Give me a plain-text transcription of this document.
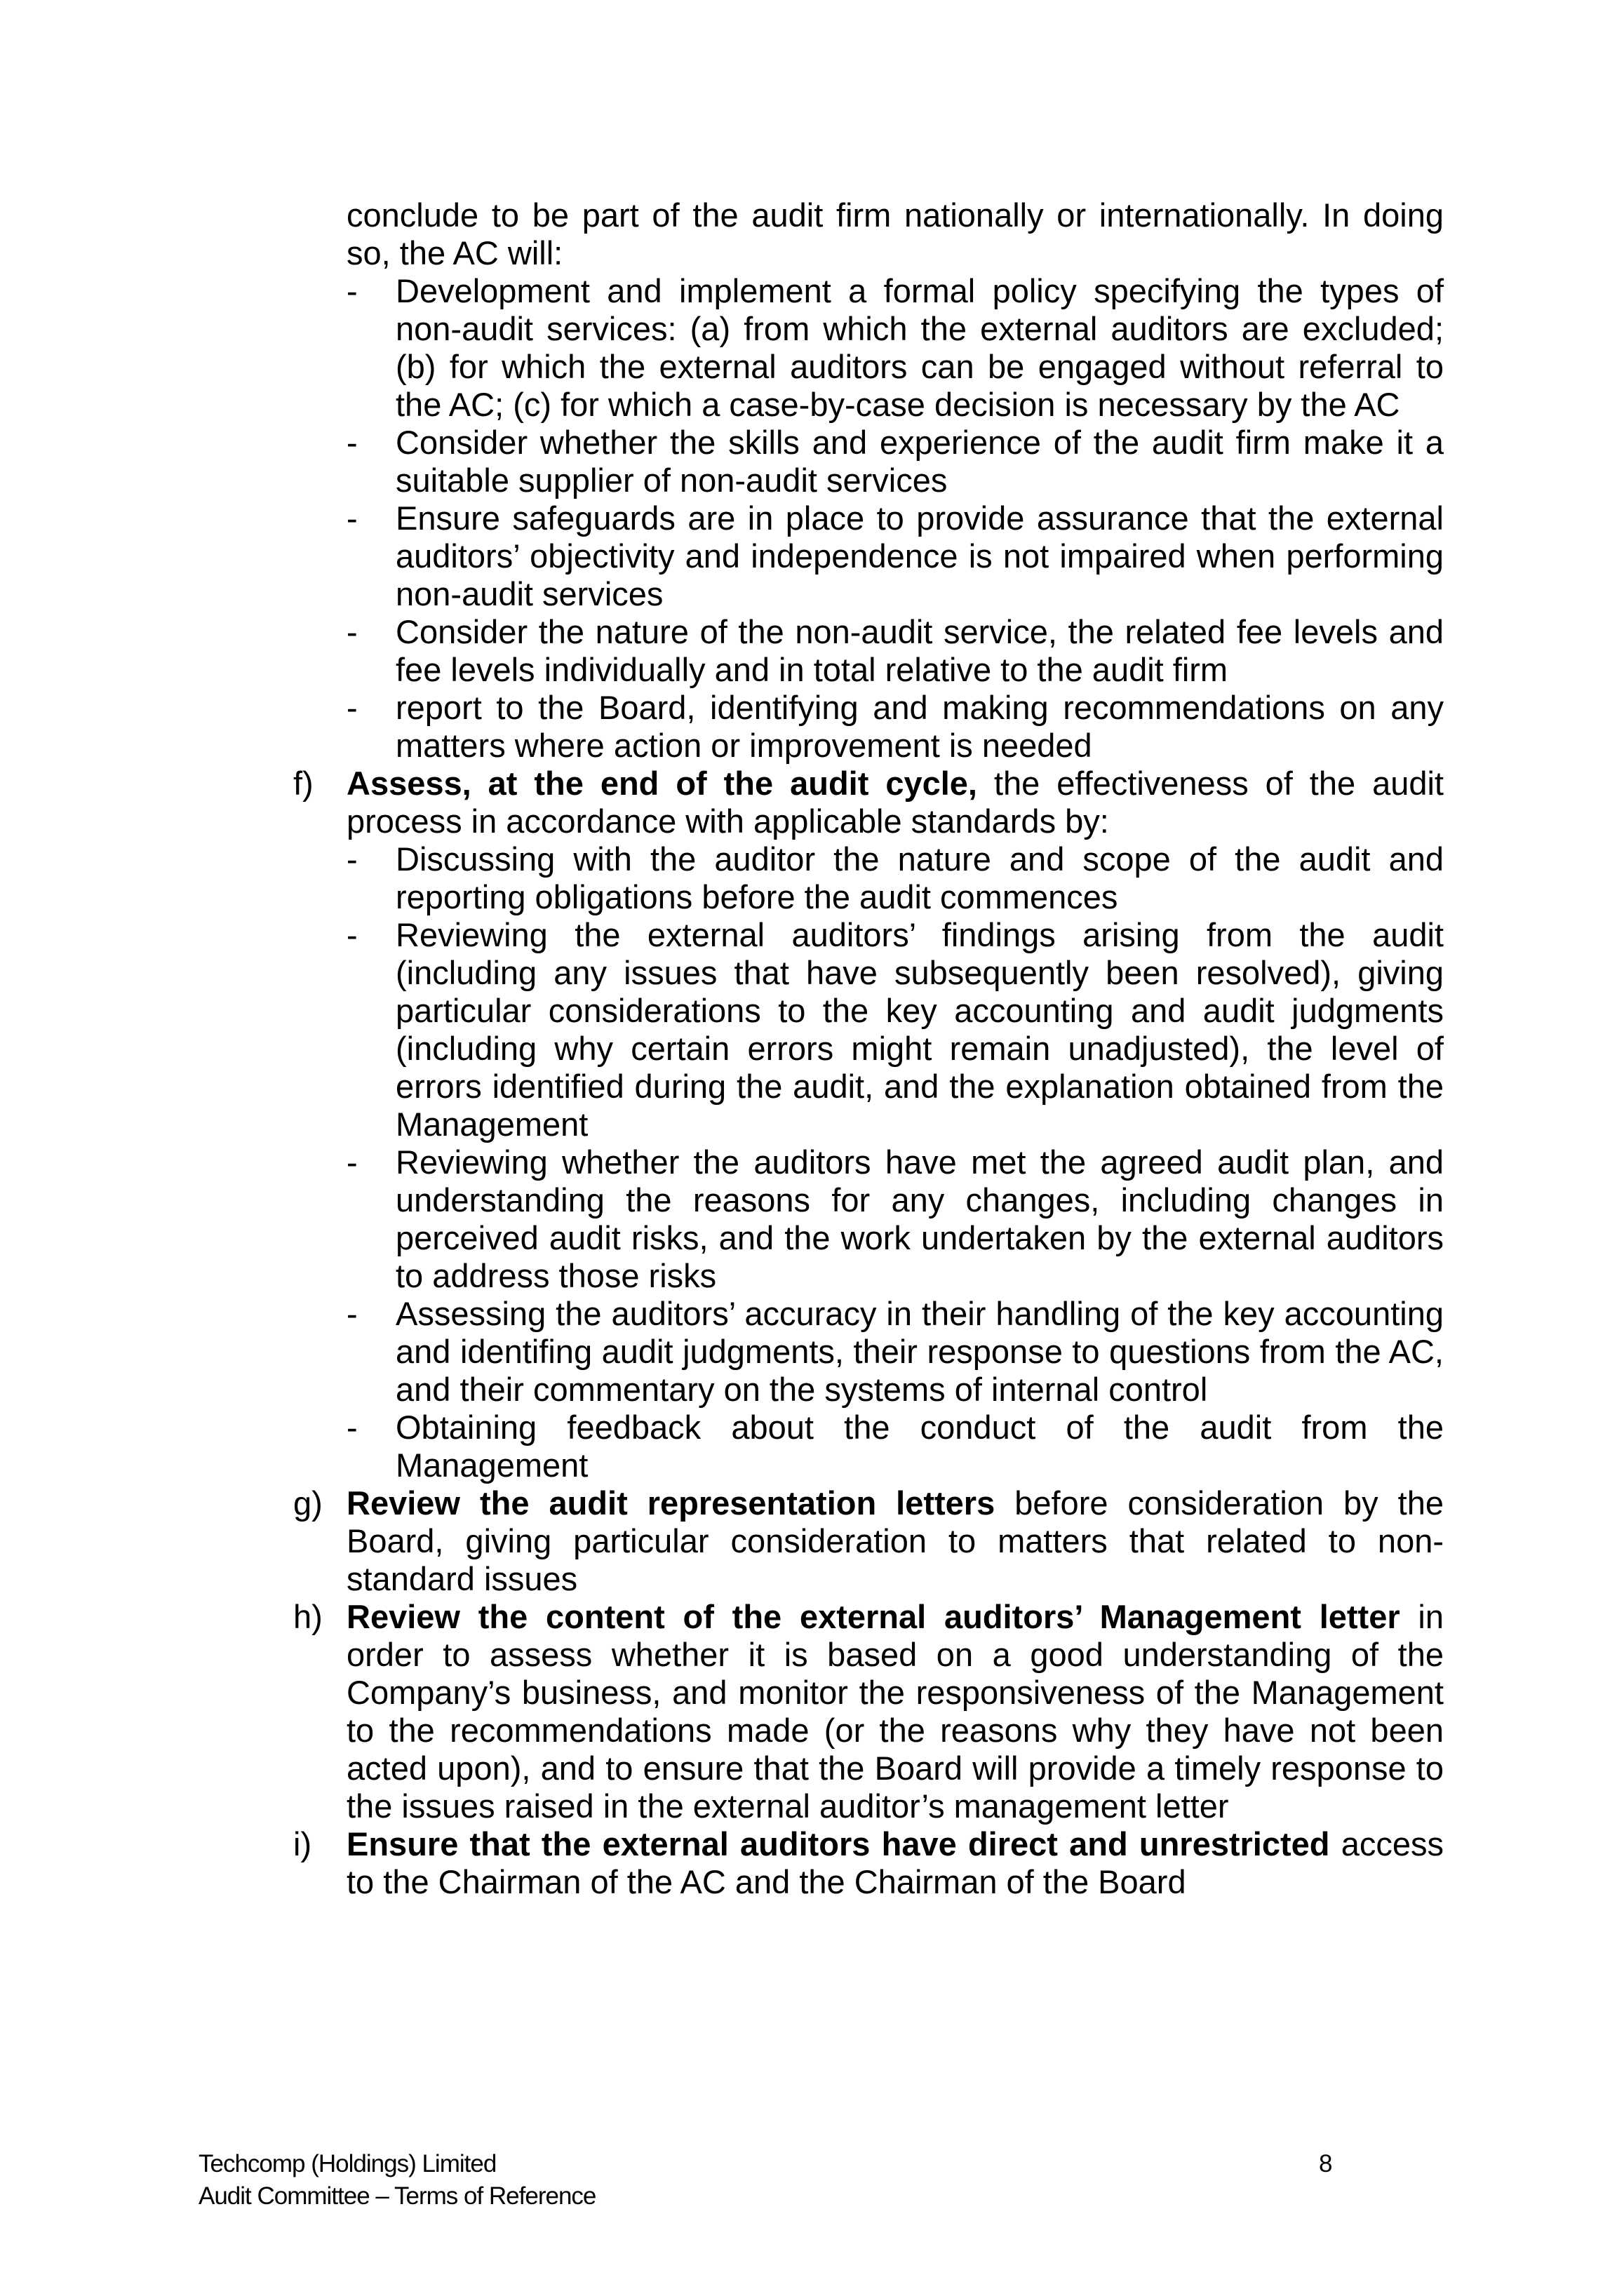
conclude to be part of the audit firm nationally or internationally. In doing so, the AC will:
- Development and implement a formal policy specifying the types of non-audit services: (a) from which the external auditors are excluded; (b) for which the external auditors can be engaged without referral to the AC; (c) for which a case-by-case decision is necessary by the AC
- Consider whether the skills and experience of the audit firm make it a suitable supplier of non-audit services
- Ensure safeguards are in place to provide assurance that the external auditors’ objectivity and independence is not impaired when performing non-audit services
- Consider the nature of the non-audit service, the related fee levels and fee levels individually and in total relative to the audit firm
- report to the Board, identifying and making recommendations on any matters where action or improvement is needed
f) Assess, at the end of the audit cycle, the effectiveness of the audit process in accordance with applicable standards by:
- Discussing with the auditor the nature and scope of the audit and reporting obligations before the audit commences
- Reviewing the external auditors’ findings arising from the audit (including any issues that have subsequently been resolved), giving particular considerations to the key accounting and audit judgments (including why certain errors might remain unadjusted), the level of errors identified during the audit, and the explanation obtained from the Management
- Reviewing whether the auditors have met the agreed audit plan, and understanding the reasons for any changes, including changes in perceived audit risks, and the work undertaken by the external auditors to address those risks
- Assessing the auditors’ accuracy in their handling of the key accounting and identifing audit judgments, their response to questions from the AC, and their commentary on the systems of internal control
- Obtaining feedback about the conduct of the audit from the Management
g) Review the audit representation letters before consideration by the Board, giving particular consideration to matters that related to non-standard issues
h) Review the content of the external auditors’ Management letter in order to assess whether it is based on a good understanding of the Company’s business, and monitor the responsiveness of the Management to the recommendations made (or the reasons why they have not been acted upon), and to ensure that the Board will provide a timely response to the issues raised in the external auditor’s management letter
i) Ensure that the external auditors have direct and unrestricted access to the Chairman of the AC and the Chairman of the Board
Techcomp (Holdings) Limited
Audit Committee – Terms of Reference
8
